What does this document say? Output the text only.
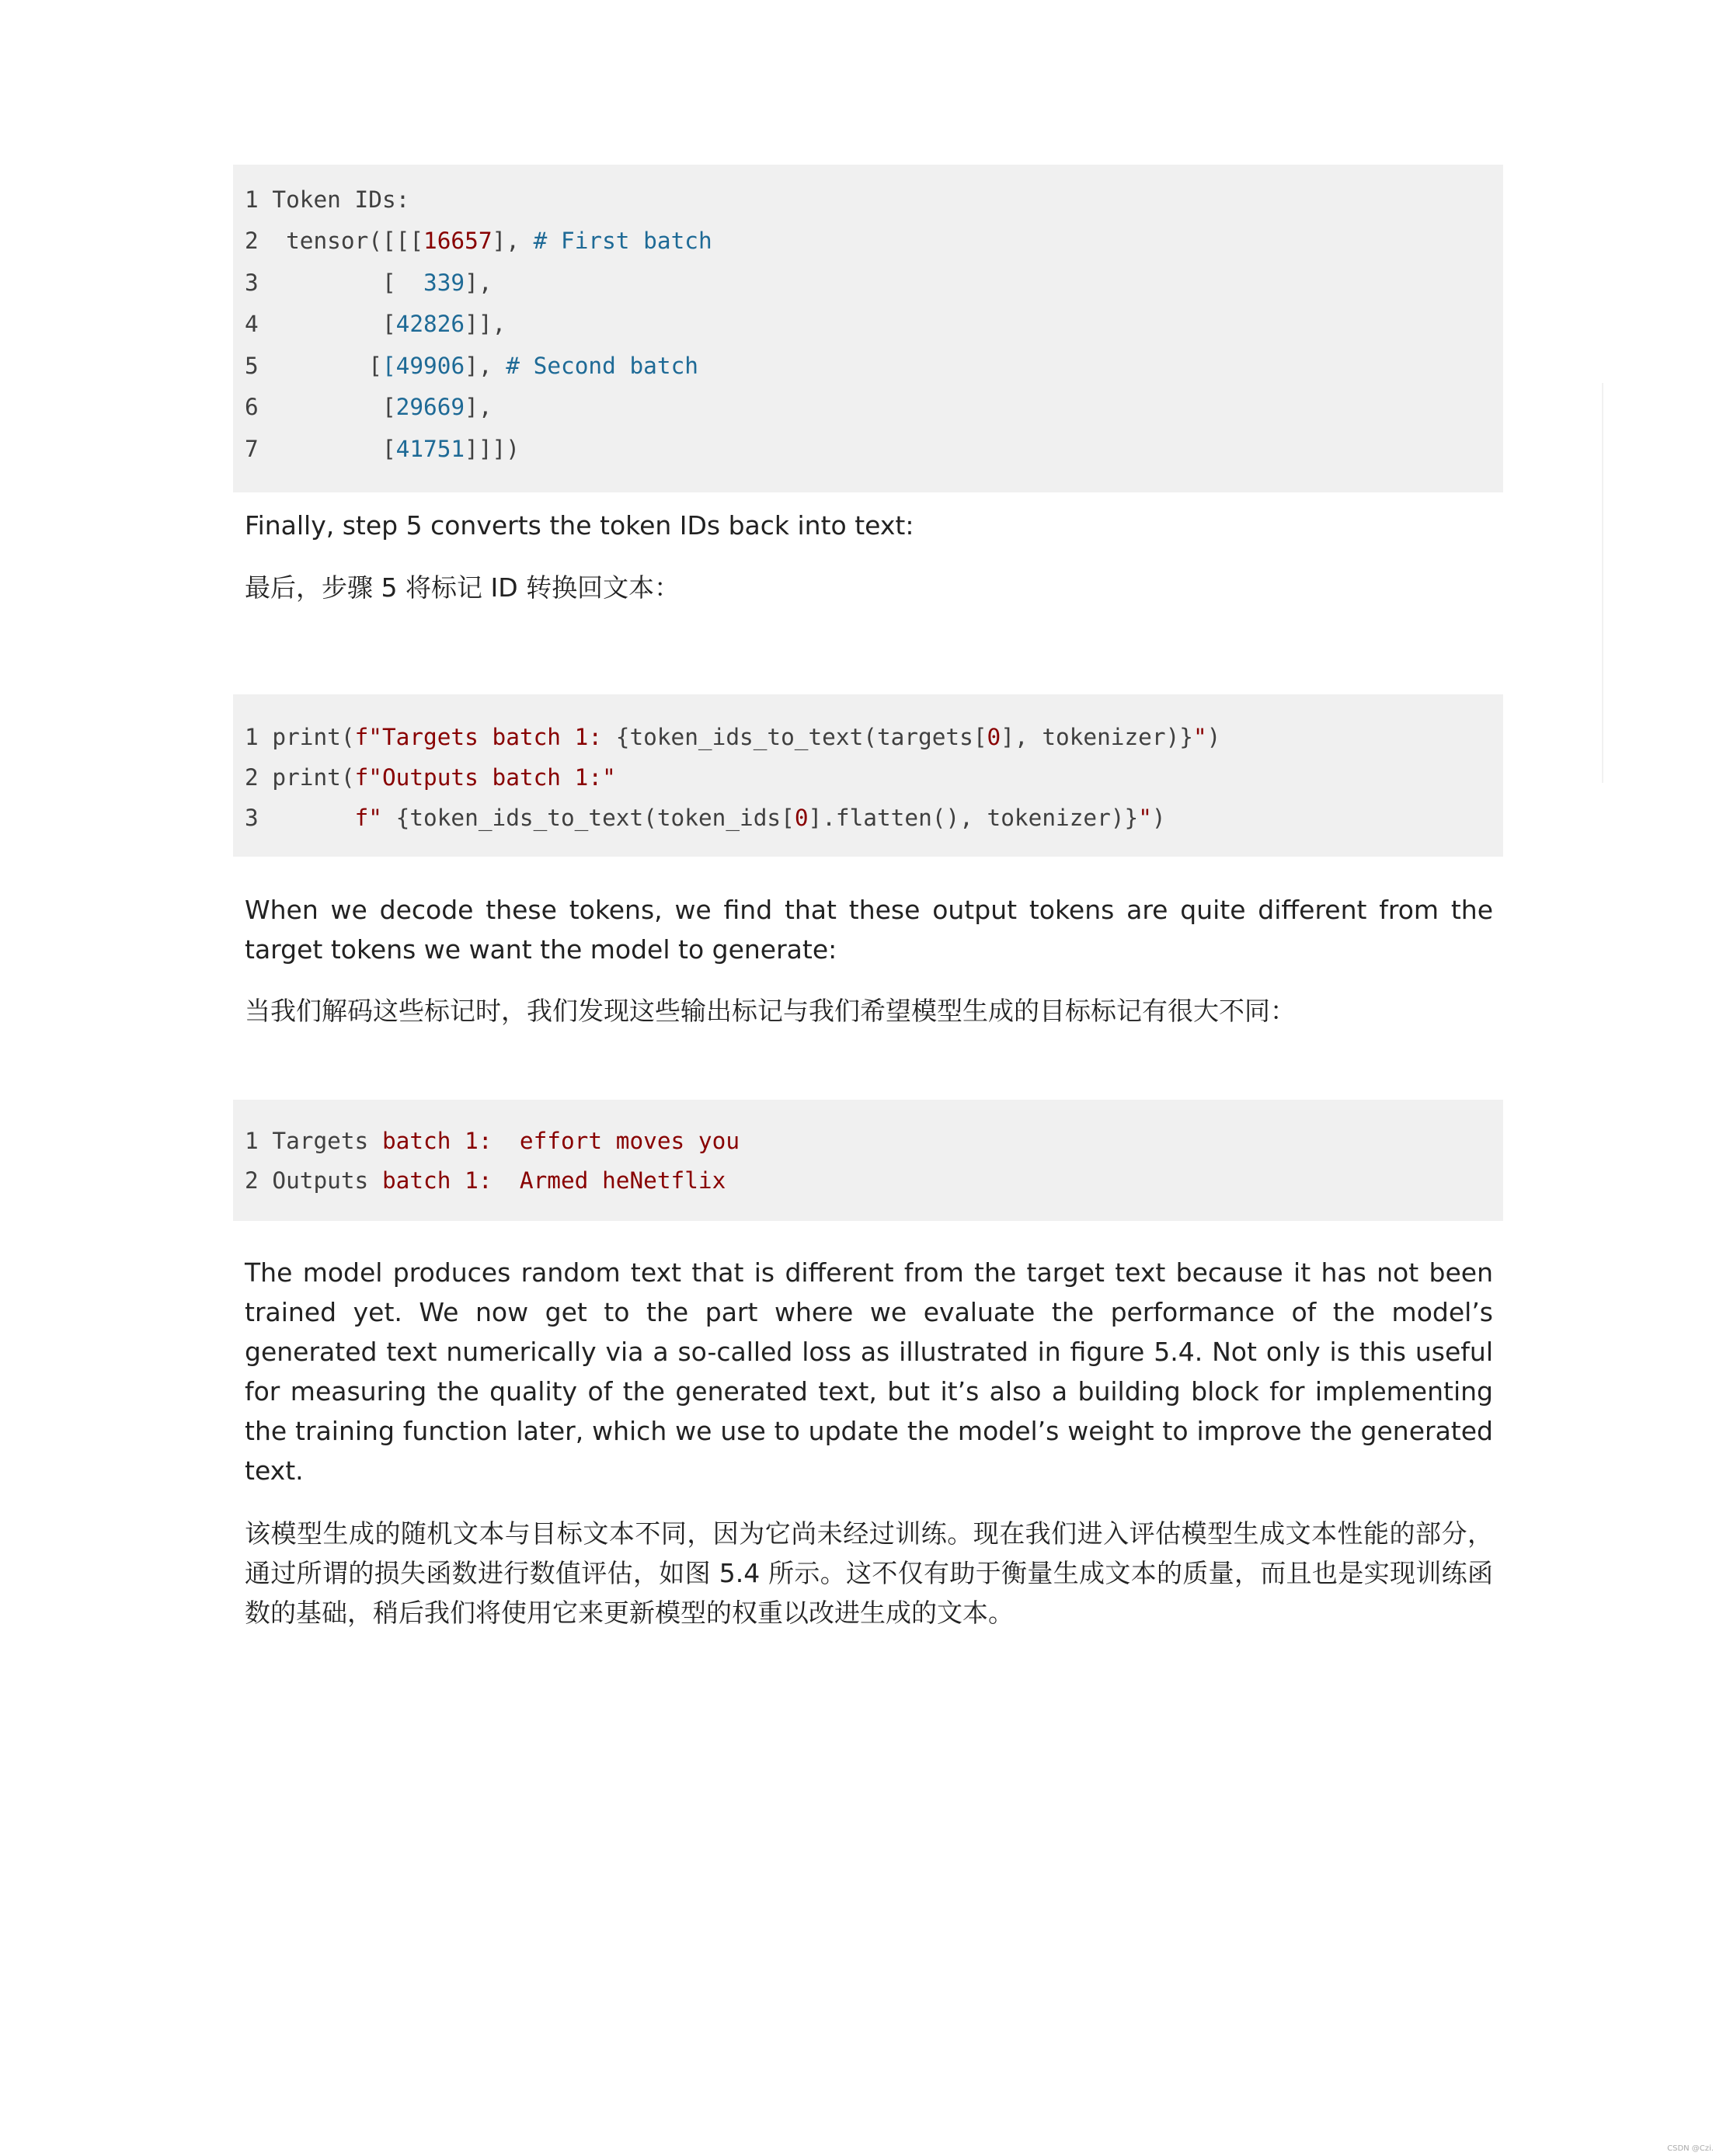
1 Token IDs:
2  tensor([[[16657], # First batch
3         [  339],
4         [42826]],
5        [[49906], # Second batch
6         [29669],
7         [41751]]])

Finally, step 5 converts the token IDs back into text:

最后，步骤 5 将标记 ID 转换回文本：

1 print(f"Targets batch 1: {token_ids_to_text(targets[0], tokenizer)}")
2 print(f"Outputs batch 1:"
3       f" {token_ids_to_text(token_ids[0].flatten(), tokenizer)}")

When we decode these tokens, we find that these output tokens are quite different from the target tokens we want the model to generate:

当我们解码这些标记时，我们发现这些输出标记与我们希望模型生成的目标标记有很大不同：

1 Targets batch 1:  effort moves you
2 Outputs batch 1:  Armed heNetflix

The model produces random text that is different from the target text because it has not been trained yet. We now get to the part where we evaluate the performance of the model’s generated text numerically via a so-called loss as illustrated in figure 5.4. Not only is this useful for measuring the quality of the generated text, but it’s also a building block for implementing the training function later, which we use to update the model’s weight to improve the generated text.

该模型生成的随机文本与目标文本不同，因为它尚未经过训练。现在我们进入评估模型生成文本性能的部分，通过所谓的损失函数进行数值评估，如图 5.4 所示。这不仅有助于衡量生成文本的质量，而且也是实现训练函数的基础，稍后我们将使用它来更新模型的权重以改进生成的文本。

CSDN @Czi.
